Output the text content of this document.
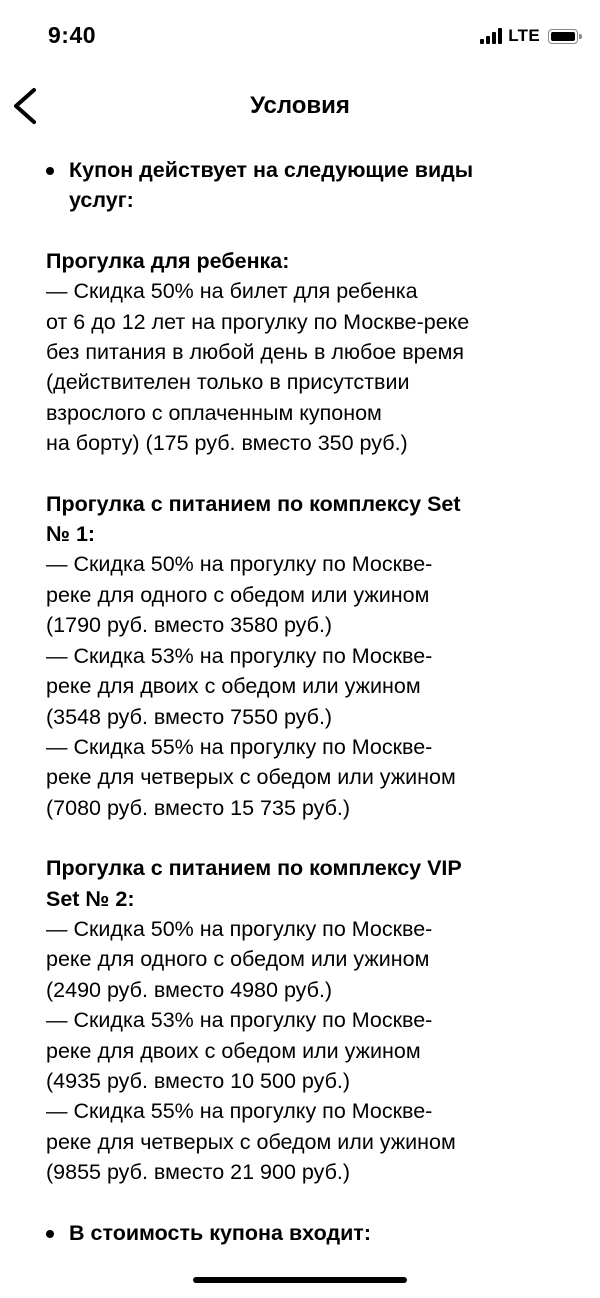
9:40	LTE
Условия
Купон действует на следующие виды
услуг:
Прогулка для ребенка:
— Скидка 50% на билет для ребенка
от 6 до 12 лет на прогулку по Москве-реке
без питания в любой день в любое время
(действителен только в присутствии
взрослого с оплаченным купоном
на борту) (175 руб. вместо 350 руб.)
Прогулка с питанием по комплексу Set
№ 1:
— Скидка 50% на прогулку по Москве-
реке для одного с обедом или ужином
(1790 руб. вместо 3580 руб.)
— Скидка 53% на прогулку по Москве-
реке для двоих с обедом или ужином
(3548 руб. вместо 7550 руб.)
— Скидка 55% на прогулку по Москве-
реке для четверых с обедом или ужином
(7080 руб. вместо 15 735 руб.)
Прогулка с питанием по комплексу VIP
Set № 2:
— Скидка 50% на прогулку по Москве-
реке для одного с обедом или ужином
(2490 руб. вместо 4980 руб.)
— Скидка 53% на прогулку по Москве-
реке для двоих с обедом или ужином
(4935 руб. вместо 10 500 руб.)
— Скидка 55% на прогулку по Москве-
реке для четверых с обедом или ужином
(9855 руб. вместо 21 900 руб.)
В стоимость купона входит:
